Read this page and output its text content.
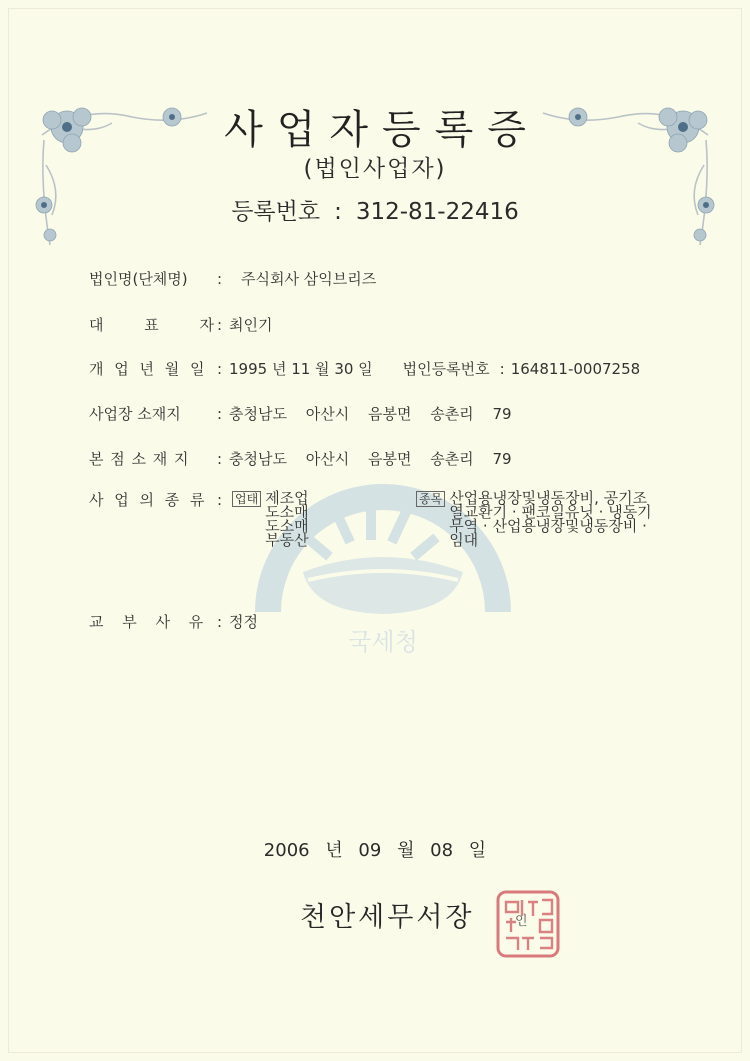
국세청
사업자등록증
(법인사업자)
등록번호 : 312-81-22416
법인명(단체명) : 주식회사 삼익브리즈
대 표 자 : 최인기
개 업 년 월 일 : 1995 년 11 월 30 일 법인등록번호 : 164811-0007258
사업장 소재지 : 충청남도 아산시 음봉면 송촌리 79
본 점 소 재 지 : 충청남도 아산시 음봉면 송촌리 79
사 업 의 종 류 :	업태 제조업
도소매
도소매
부동산
종목 산업용냉장및냉동장비, 공기조
열교환기 · 팬코일유닛 · 냉동기
무역 · 산업용냉장및냉동장비 ·
임대
교 부 사 유 : 정정
2006 년 09 월 08 일
천안세무서장	인
